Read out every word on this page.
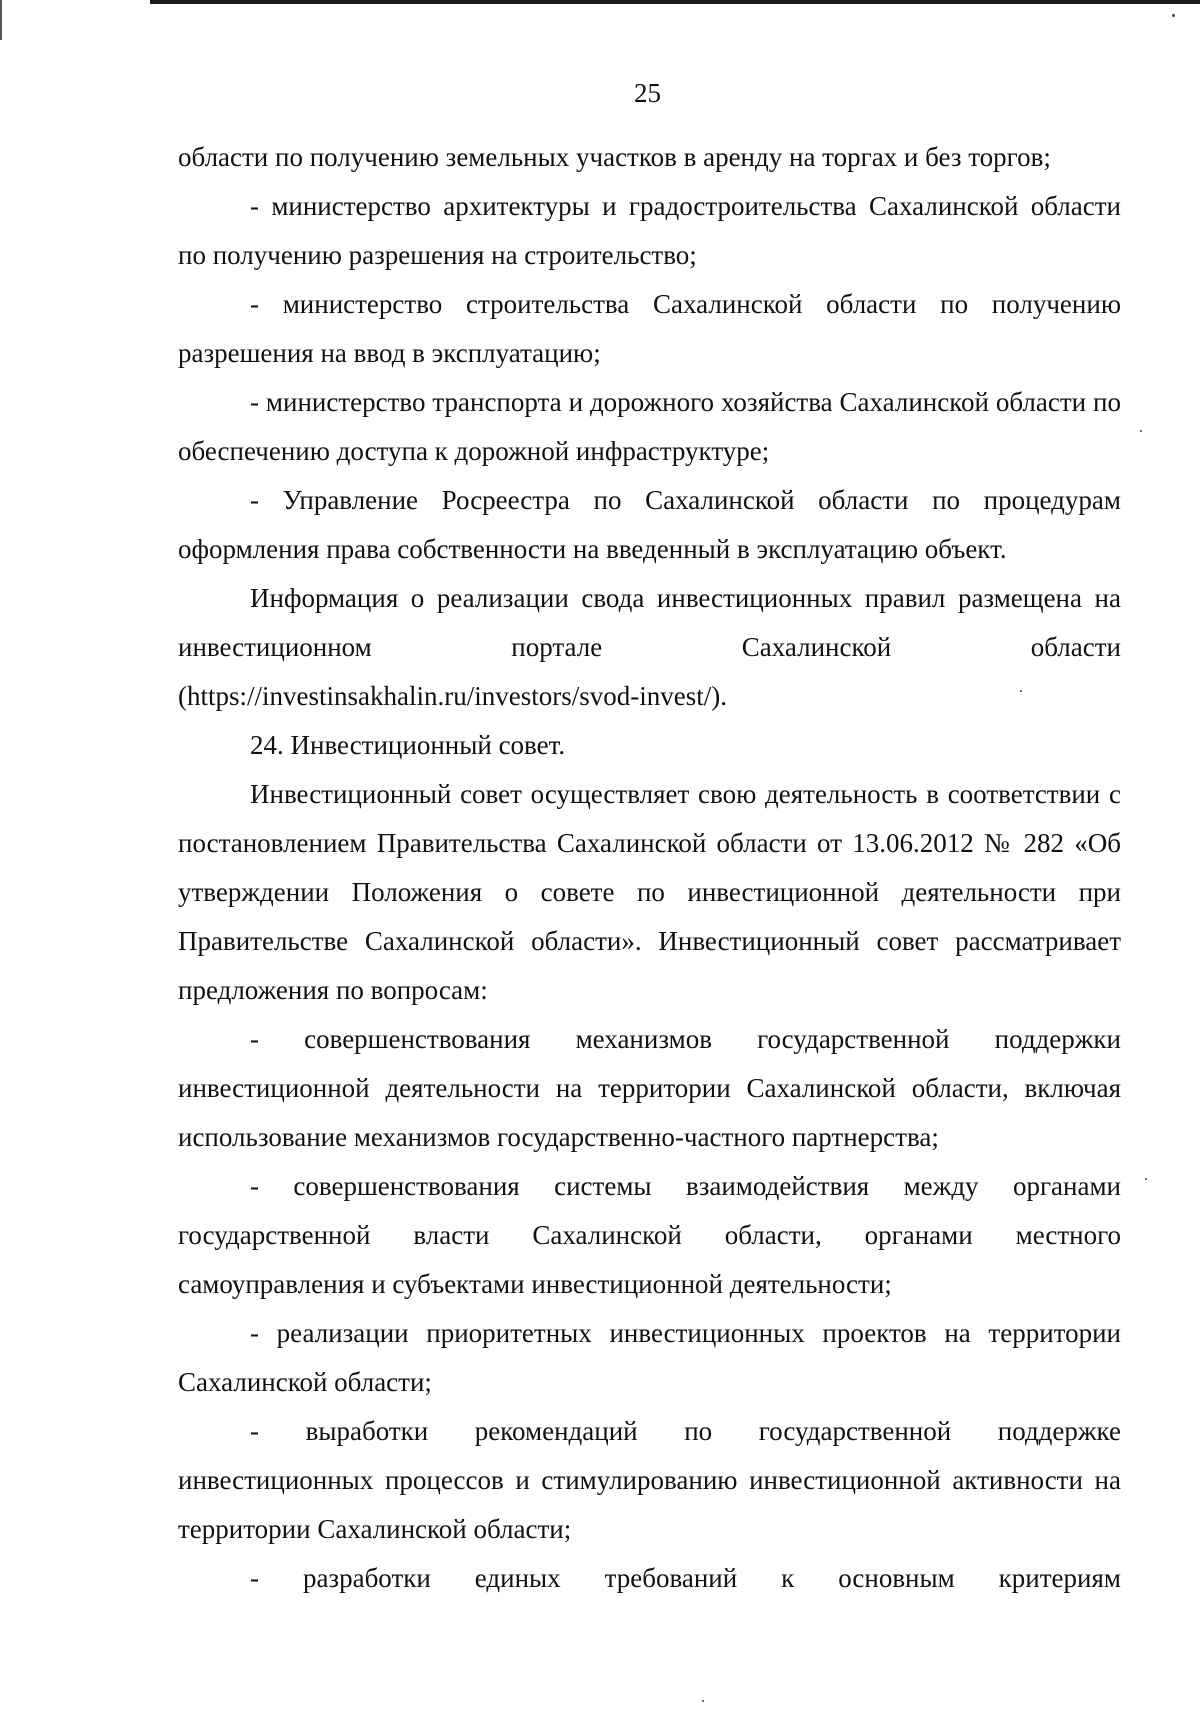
25

области по получению земельных участков в аренду на торгах и без торгов;

- министерство архитектуры и градостроительства Сахалинской области по получению разрешения на строительство;

- министерство строительства Сахалинской области по получению разрешения на ввод в эксплуатацию;

- министерство транспорта и дорожного хозяйства Сахалинской области по обеспечению доступа к дорожной инфраструктуре;

- Управление Росреестра по Сахалинской области по процедурам оформления права собственности на введенный в эксплуатацию объект.

Информация о реализации свода инвестиционных правил размещена на инвестиционном портале Сахалинской области (https://investinsakhalin.ru/investors/svod-invest/).

24. Инвестиционный совет.

Инвестиционный совет осуществляет свою деятельность в соответствии с постановлением Правительства Сахалинской области от 13.06.2012 № 282 «Об утверждении Положения о совете по инвестиционной деятельности при Правительстве Сахалинской области». Инвестиционный совет рассматривает предложения по вопросам:

- совершенствования механизмов государственной поддержки инвестиционной деятельности на территории Сахалинской области, включая использование механизмов государственно-частного партнерства;

- совершенствования системы взаимодействия между органами государственной власти Сахалинской области, органами местного самоуправления и субъектами инвестиционной деятельности;

- реализации приоритетных инвестиционных проектов на территории Сахалинской области;

- выработки рекомендаций по государственной поддержке инвестиционных процессов и стимулированию инвестиционной активности на территории Сахалинской области;

- разработки единых требований к основным критериям
